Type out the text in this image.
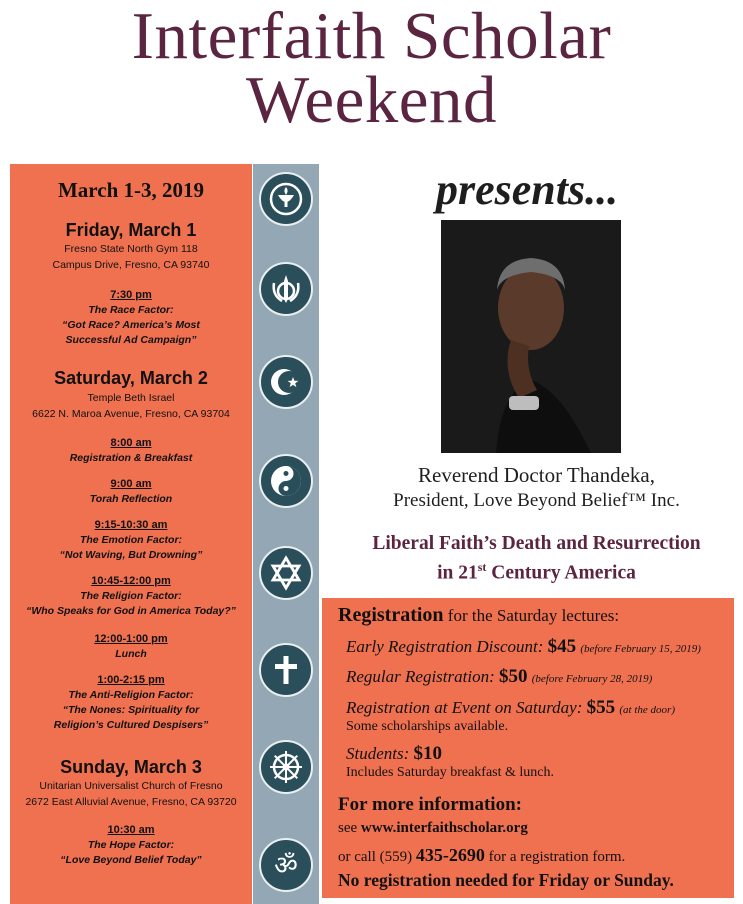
Interfaith Scholar
Weekend
March 1-3, 2019
Friday, March 1
Fresno State North Gym 118
Campus Drive, Fresno, CA 93740
7:30 pm
The Race Factor:
“Got Race? America’s Most
Successful Ad Campaign”
Saturday, March 2
Temple Beth Israel
6622 N. Maroa Avenue, Fresno, CA 93704
8:00 am
Registration & Breakfast
9:00 am
Torah Reflection
9:15-10:30 am
The Emotion Factor:
“Not Waving, But Drowning”
10:45-12:00 pm
The Religion Factor:
“Who Speaks for God in America Today?”
12:00-1:00 pm
Lunch
1:00-2:15 pm
The Anti-Religion Factor:
“The Nones: Spirituality for
Religion’s Cultured Despisers”
Sunday, March 3
Unitarian Universalist Church of Fresno
2672 East Alluvial Avenue, Fresno, CA 93720
10:30 am
The Hope Factor:
“Love Beyond Belief Today”	ॐ
presents...
Reverend Doctor Thandeka,
President, Love Beyond Belief™ Inc.
Liberal Faith’s Death and Resurrection
in 21st Century America
Registration for the Saturday lectures:
Early Registration Discount: $45 (before February 15, 2019)
Regular Registration: $50 (before February 28, 2019)
Registration at Event on Saturday: $55 (at the door)
Some scholarships available.
Students: $10
Includes Saturday breakfast & lunch.
For more information:
see www.interfaithscholar.org
or call (559) 435-2690 for a registration form.
No registration needed for Friday or Sunday.
